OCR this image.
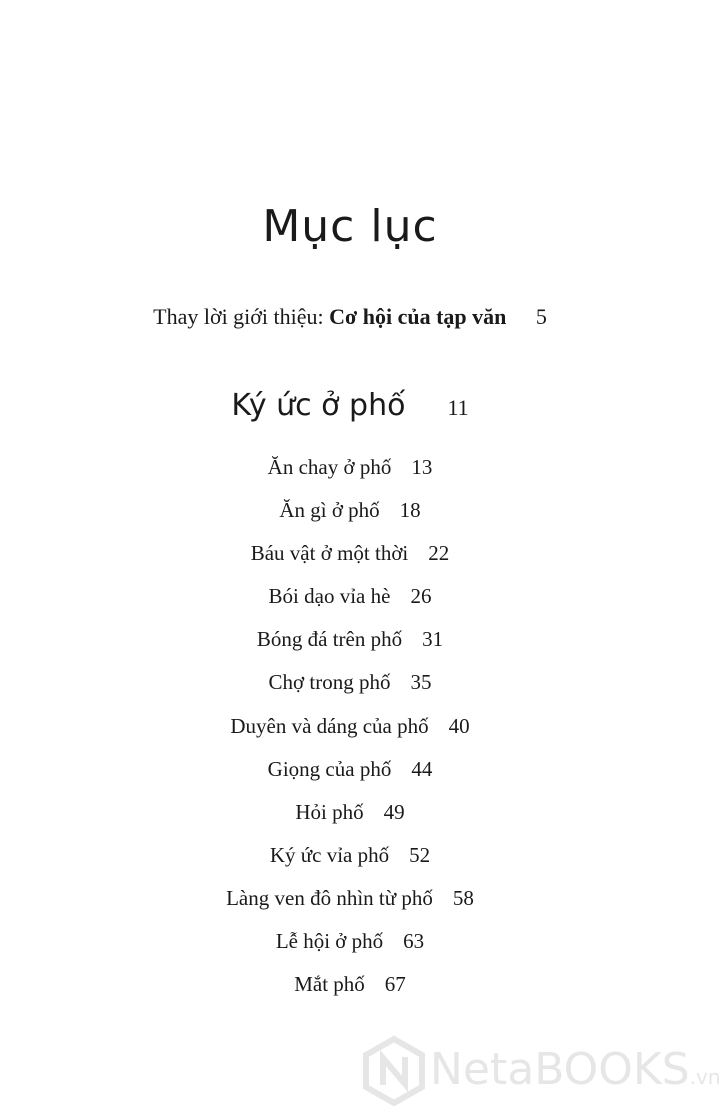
Mục lục
Thay lời giới thiệu: Cơ hội của tạp văn 5
Ký ức ở phố 11
Ăn chay ở phố 13
Ăn gì ở phố 18
Báu vật ở một thời 22
Bói dạo vỉa hè 26
Bóng đá trên phố 31
Chợ trong phố 35
Duyên và dáng của phố 40
Giọng của phố 44
Hỏi phố 49
Ký ức vỉa phố 52
Làng ven đô nhìn từ phố 58
Lễ hội ở phố 63
Mắt phố 67
NetaBOOKS.vn
